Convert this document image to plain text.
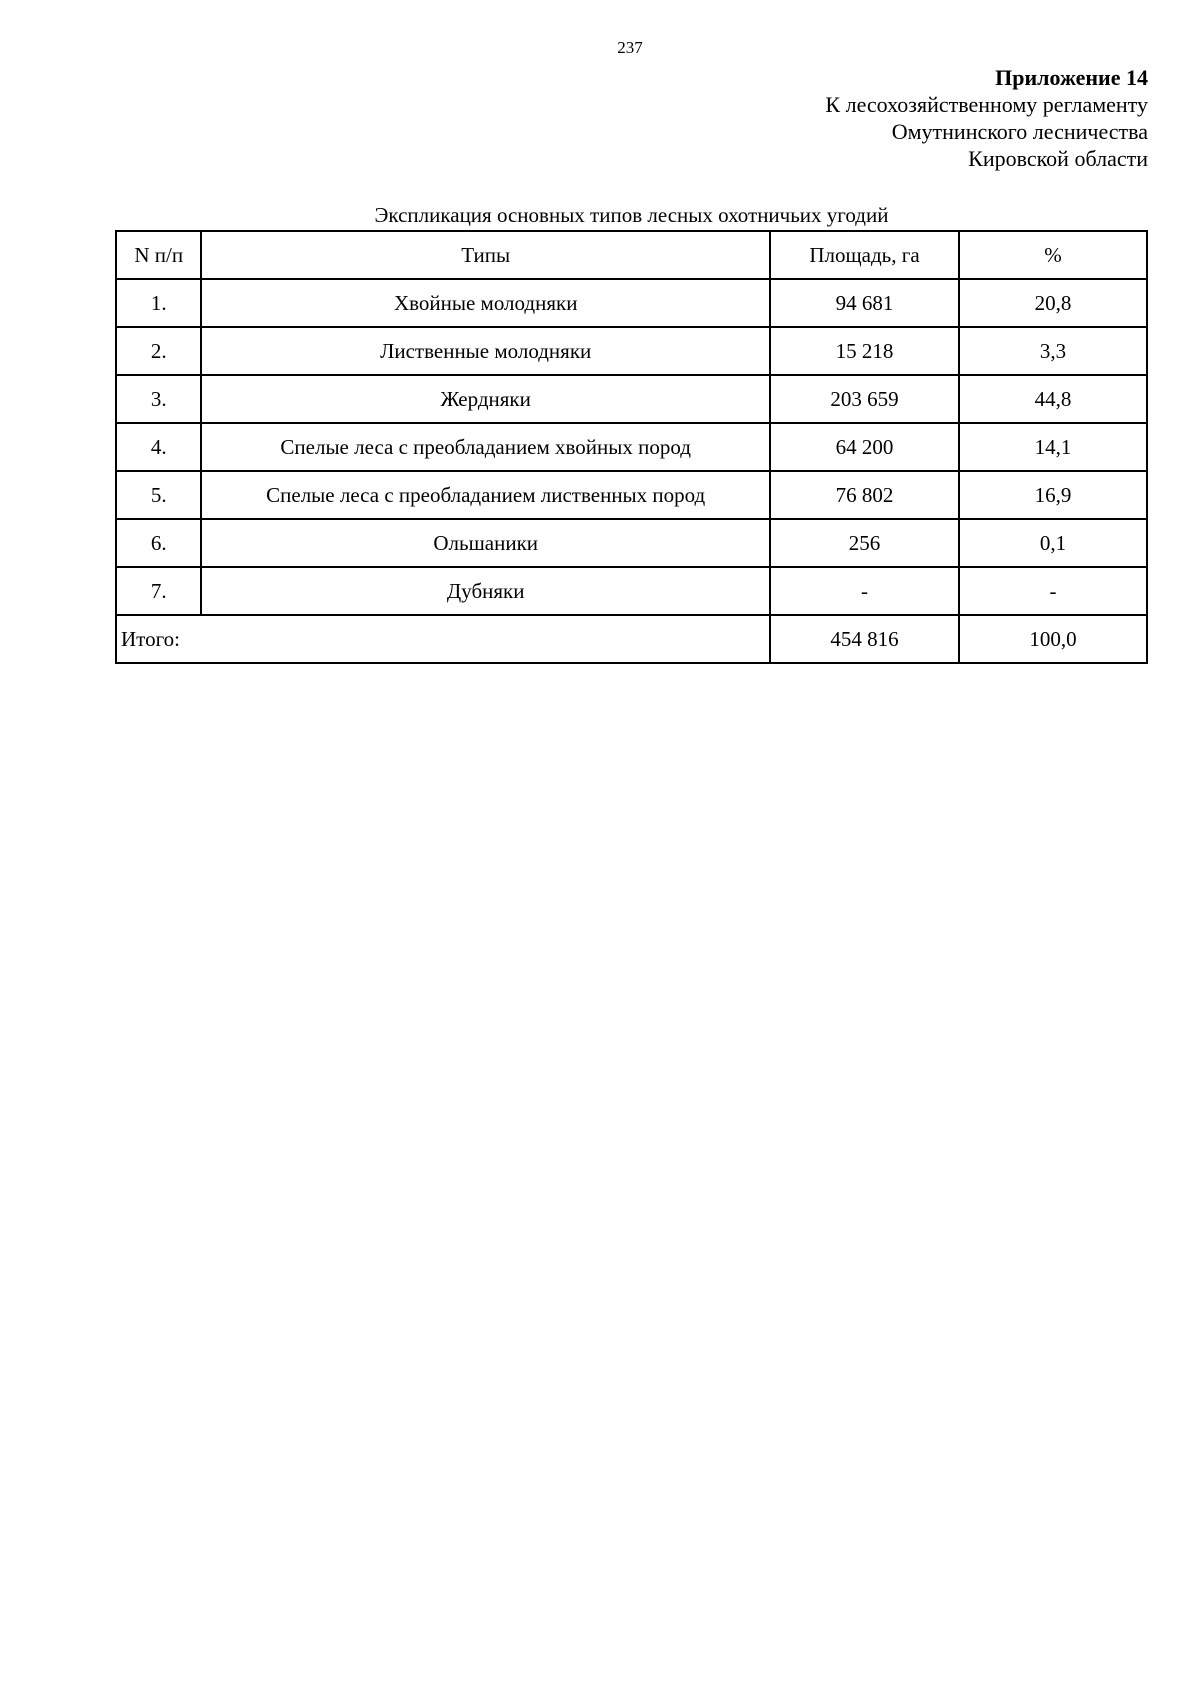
237
Приложение 14
К лесохозяйственному регламенту
Омутнинского лесничества
Кировской области
Экспликация основных типов лесных охотничьих угодий
N п/п	Типы	Площадь, га	%
1.	Хвойные молодняки	94 681	20,8
2.	Лиственные молодняки	15 218	3,3
3.	Жердняки	203 659	44,8
4.	Спелые леса с преобладанием хвойных пород	64 200	14,1
5.	Спелые леса с преобладанием лиственных пород	76 802	16,9
6.	Ольшаники	256	0,1
7.	Дубняки	-	-
Итого:		454 816	100,0
